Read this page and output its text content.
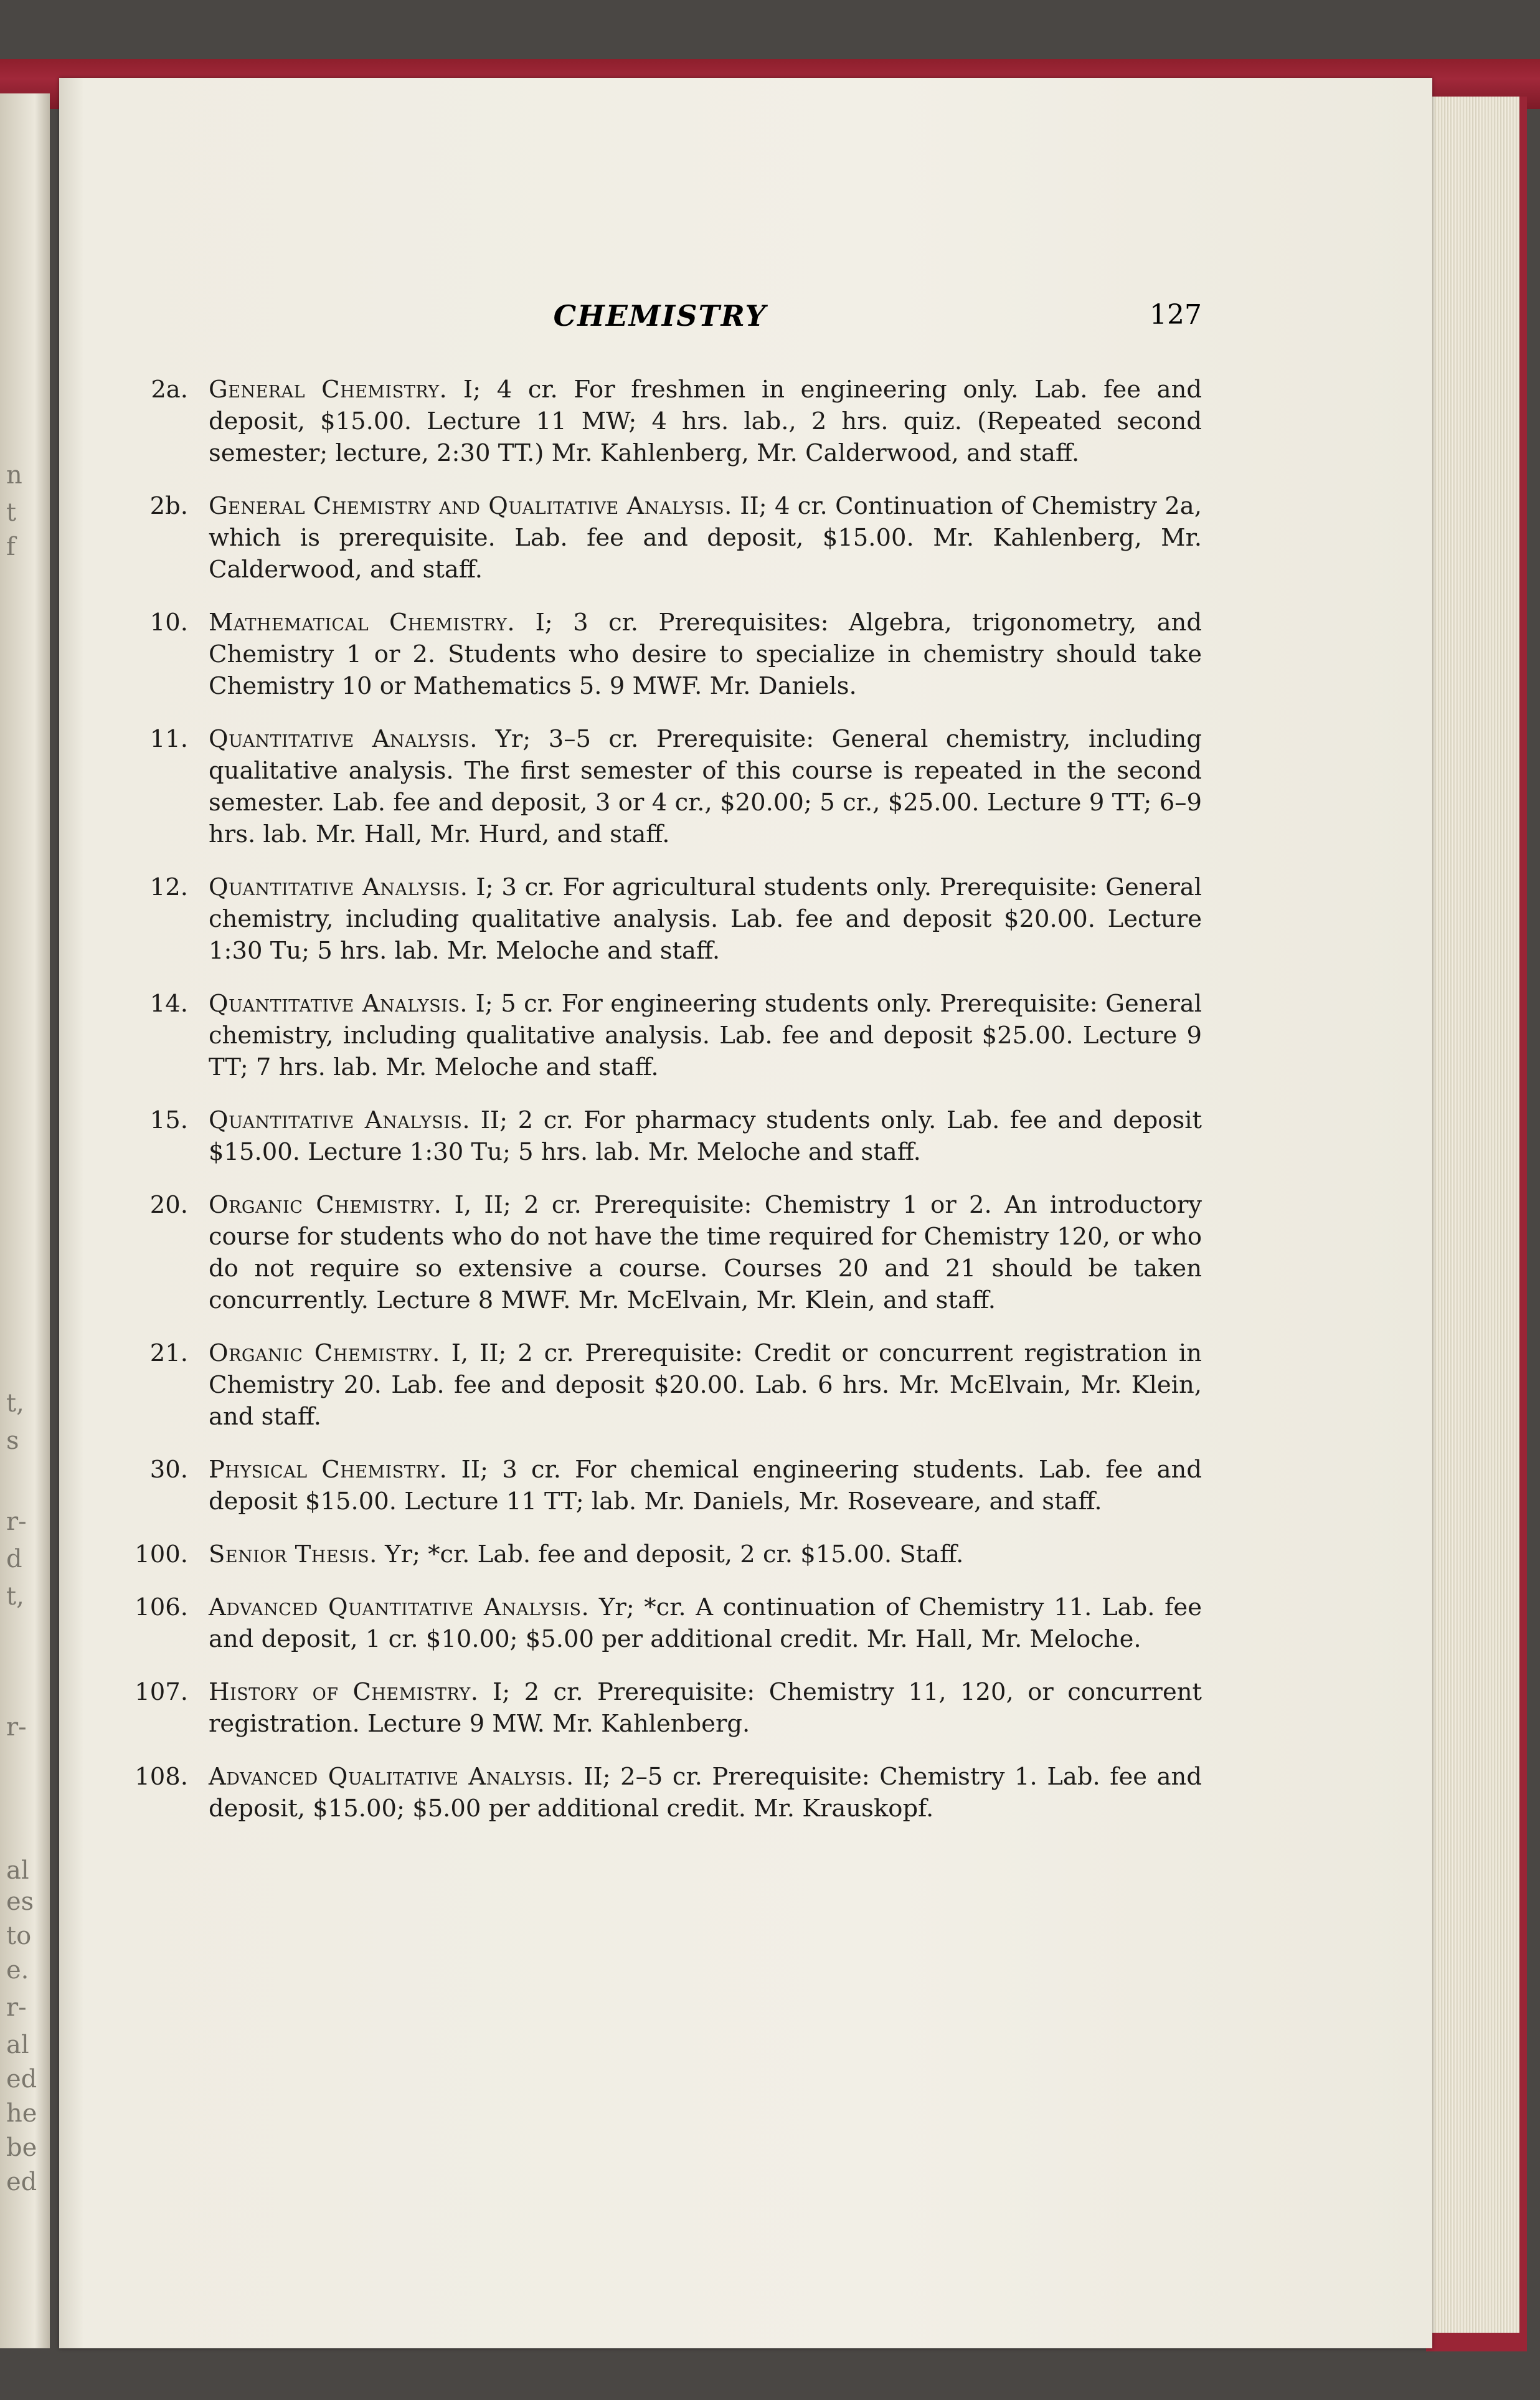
n
t
f
t,
s
r-
d
t,
r-
al
es
to
e.
r-
al
ed
he
be
ed
CHEMISTRY	127
2a. General Chemistry. I; 4 cr. For freshmen in engineering only. Lab. fee and deposit, $15.00. Lecture 11 MW; 4 hrs. lab., 2 hrs. quiz. (Repeated second semester; lecture, 2:30 TT.) Mr. Kahlenberg, Mr. Calderwood, and staff.
2b. General Chemistry and Qualitative Analysis. II; 4 cr. Continuation of Chemistry 2a, which is prerequisite. Lab. fee and deposit, $15.00. Mr. Kahlenberg, Mr. Calderwood, and staff.
10. Mathematical Chemistry. I; 3 cr. Prerequisites: Algebra, trigonometry, and Chemistry 1 or 2. Students who desire to specialize in chemistry should take Chemistry 10 or Mathematics 5. 9 MWF. Mr. Daniels.
11. Quantitative Analysis. Yr; 3–5 cr. Prerequisite: General chemistry, including qualitative analysis. The first semester of this course is repeated in the second semester. Lab. fee and deposit, 3 or 4 cr., $20.00; 5 cr., $25.00. Lecture 9 TT; 6–9 hrs. lab. Mr. Hall, Mr. Hurd, and staff.
12. Quantitative Analysis. I; 3 cr. For agricultural students only. Prerequisite: General chemistry, including qualitative analysis. Lab. fee and deposit $20.00. Lecture 1:30 Tu; 5 hrs. lab. Mr. Meloche and staff.
14. Quantitative Analysis. I; 5 cr. For engineering students only. Prerequisite: General chemistry, including qualitative analysis. Lab. fee and deposit $25.00. Lecture 9 TT; 7 hrs. lab. Mr. Meloche and staff.
15. Quantitative Analysis. II; 2 cr. For pharmacy students only. Lab. fee and deposit $15.00. Lecture 1:30 Tu; 5 hrs. lab. Mr. Meloche and staff.
20. Organic Chemistry. I, II; 2 cr. Prerequisite: Chemistry 1 or 2. An introductory course for students who do not have the time required for Chemistry 120, or who do not require so extensive a course. Courses 20 and 21 should be taken concurrently. Lecture 8 MWF. Mr. McElvain, Mr. Klein, and staff.
21. Organic Chemistry. I, II; 2 cr. Prerequisite: Credit or concurrent registration in Chemistry 20. Lab. fee and deposit $20.00. Lab. 6 hrs. Mr. McElvain, Mr. Klein, and staff.
30. Physical Chemistry. II; 3 cr. For chemical engineering students. Lab. fee and deposit $15.00. Lecture 11 TT; lab. Mr. Daniels, Mr. Roseveare, and staff.
100. Senior Thesis. Yr; *cr. Lab. fee and deposit, 2 cr. $15.00. Staff.
106. Advanced Quantitative Analysis. Yr; *cr. A continuation of Chemistry 11. Lab. fee and deposit, 1 cr. $10.00; $5.00 per additional credit. Mr. Hall, Mr. Meloche.
107. History of Chemistry. I; 2 cr. Prerequisite: Chemistry 11, 120, or concurrent registration. Lecture 9 MW. Mr. Kahlenberg.
108. Advanced Qualitative Analysis. II; 2–5 cr. Prerequisite: Chemistry 1. Lab. fee and deposit, $15.00; $5.00 per additional credit. Mr. Krauskopf.
